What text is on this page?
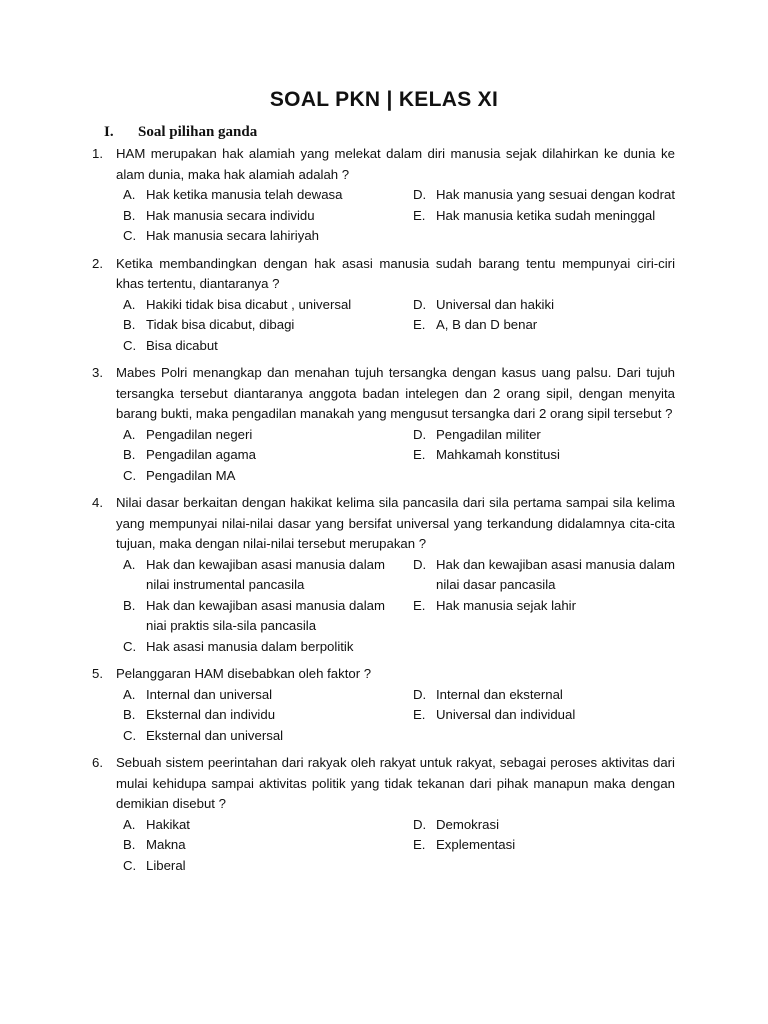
SOAL PKN | KELAS XI
I. Soal pilihan ganda
1. HAM merupakan hak alamiah yang melekat dalam diri manusia sejak dilahirkan ke dunia ke alam dunia, maka hak alamiah adalah ?
A. Hak ketika manusia telah dewasa	D. Hak manusia yang sesuai dengan kodrat
B. Hak manusia secara individu	E. Hak manusia ketika sudah meninggal
C. Hak manusia secara lahiriyah
2. Ketika membandingkan dengan hak asasi manusia sudah barang tentu mempunyai ciri-ciri khas tertentu, diantaranya ?
A. Hakiki tidak bisa dicabut , universal	D. Universal dan hakiki
B. Tidak bisa dicabut, dibagi	E. A, B dan D benar
C. Bisa dicabut
3. Mabes Polri menangkap dan menahan tujuh tersangka dengan kasus uang palsu. Dari tujuh tersangka tersebut diantaranya anggota badan intelegen dan 2 orang sipil, dengan menyita barang bukti, maka pengadilan manakah yang mengusut tersangka dari 2 orang sipil tersebut ?
A. Pengadilan negeri	D. Pengadilan militer
B. Pengadilan agama	E. Mahkamah konstitusi
C. Pengadilan MA
4. Nilai dasar berkaitan dengan hakikat kelima sila pancasila dari sila pertama sampai sila kelima yang mempunyai nilai-nilai dasar yang bersifat universal yang terkandung didalamnya cita-cita tujuan, maka dengan nilai-nilai tersebut merupakan ?
A. Hak dan kewajiban asasi manusia dalam nilai instrumental pancasila
D. Hak dan kewajiban asasi manusia dalam nilai dasar pancasila
B. Hak dan kewajiban asasi manusia dalam niai praktis sila-sila pancasila
E. Hak manusia sejak lahir
C. Hak asasi manusia dalam berpolitik
5. Pelanggaran HAM disebabkan oleh faktor ?
A. Internal dan universal	D. Internal dan eksternal
B. Eksternal dan individu	E. Universal dan individual
C. Eksternal dan universal
6. Sebuah sistem peerintahan dari rakyak oleh rakyat untuk rakyat, sebagai peroses aktivitas dari mulai kehidupa sampai aktivitas politik yang tidak tekanan dari pihak manapun maka dengan demikian disebut ?
A. Hakikat	D. Demokrasi
B. Makna	E. Explementasi
C. Liberal
